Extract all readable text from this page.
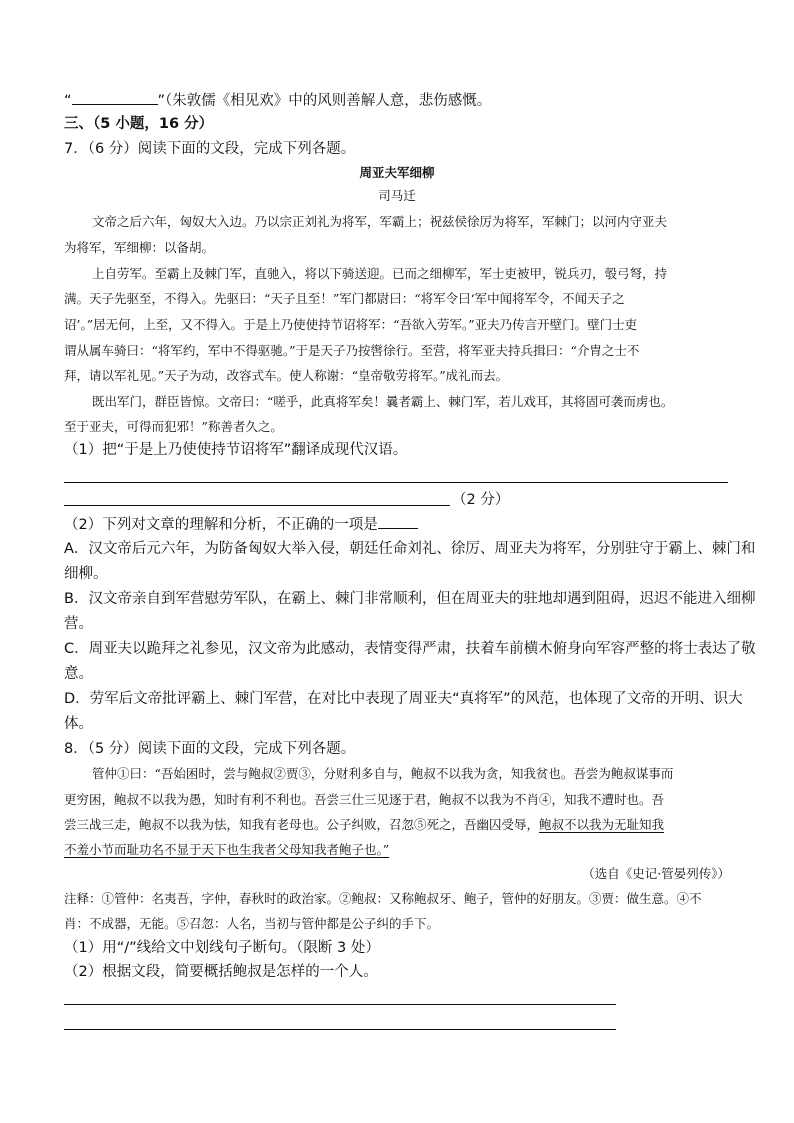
“	”（朱敦儒《相见欢》中的风则善解人意，悲伤感慨。
三、（5 小题，16 分）
7．（6 分）阅读下面的文段，完成下列各题。
周亚夫军细柳
司马迁
文帝之后六年，匈奴大入边。乃以宗正刘礼为将军，军霸上；祝兹侯徐厉为将军，军棘门；以河内守亚夫
为将军，军细柳：以备胡。
上自劳军。至霸上及棘门军，直驰入，将以下骑送迎。已而之细柳军，军士吏被甲，锐兵刃，彀弓弩，持
满。天子先驱至，不得入。先驱曰：“天子且至！”军门都尉曰：“将军令曰‘军中闻将军令，不闻天子之
诏’。”居无何，上至，又不得入。于是上乃使使持节诏将军：“吾欲入劳军。”亚夫乃传言开壁门。壁门士吏
谓从属车骑曰：“将军约，军中不得驱驰。”于是天子乃按辔徐行。至营，将军亚夫持兵揖曰：“介胄之士不
拜，请以军礼见。”天子为动，改容式车。使人称谢：“皇帝敬劳将军。”成礼而去。
既出军门，群臣皆惊。文帝曰：“嗟乎，此真将军矣！曩者霸上、棘门军，若儿戏耳，其将固可袭而虏也。
至于亚夫，可得而犯邪！”称善者久之。
（1）把“于是上乃使使持节诏将军”翻译成现代汉语。
（2 分）
（2）下列对文章的理解和分析，不正确的一项是
A．汉文帝后元六年，为防备匈奴大举入侵，朝廷任命刘礼、徐厉、周亚夫为将军，分别驻守于霸上、棘门和
细柳。
B．汉文帝亲自到军营慰劳军队，在霸上、棘门非常顺利，但在周亚夫的驻地却遇到阻碍，迟迟不能进入细柳
营。
C．周亚夫以跪拜之礼参见，汉文帝为此感动，表情变得严肃，扶着车前横木俯身向军容严整的将士表达了敬
意。
D．劳军后文帝批评霸上、棘门军营，在对比中表现了周亚夫“真将军”的风范，也体现了文帝的开明、识大
体。
8．（5 分）阅读下面的文段，完成下列各题。
管仲①曰：“吾始困时，尝与鲍叔②贾③，分财利多自与，鲍叔不以我为贪，知我贫也。吾尝为鲍叔谋事而
更穷困，鲍叔不以我为愚，知时有利不利也。吾尝三仕三见逐于君，鲍叔不以我为不肖④，知我不遭时也。吾
尝三战三走，鲍叔不以我为怯，知我有老母也。公子纠败，召忽⑤死之，吾幽囚受辱，鲍叔不以我为无耻知我
不羞小节而耻功名不显于天下也生我者父母知我者鲍子也。”
（选自《史记·管晏列传》）
注释：①管仲：名夷吾，字仲，春秋时的政治家。②鲍叔：又称鲍叔牙、鲍子，管仲的好朋友。③贾：做生意。④不
肖：不成器，无能。⑤召忽：人名，当初与管仲都是公子纠的手下。
（1）用“/”线给文中划线句子断句。（限断 3 处）
（2）根据文段，简要概括鲍叔是怎样的一个人。
